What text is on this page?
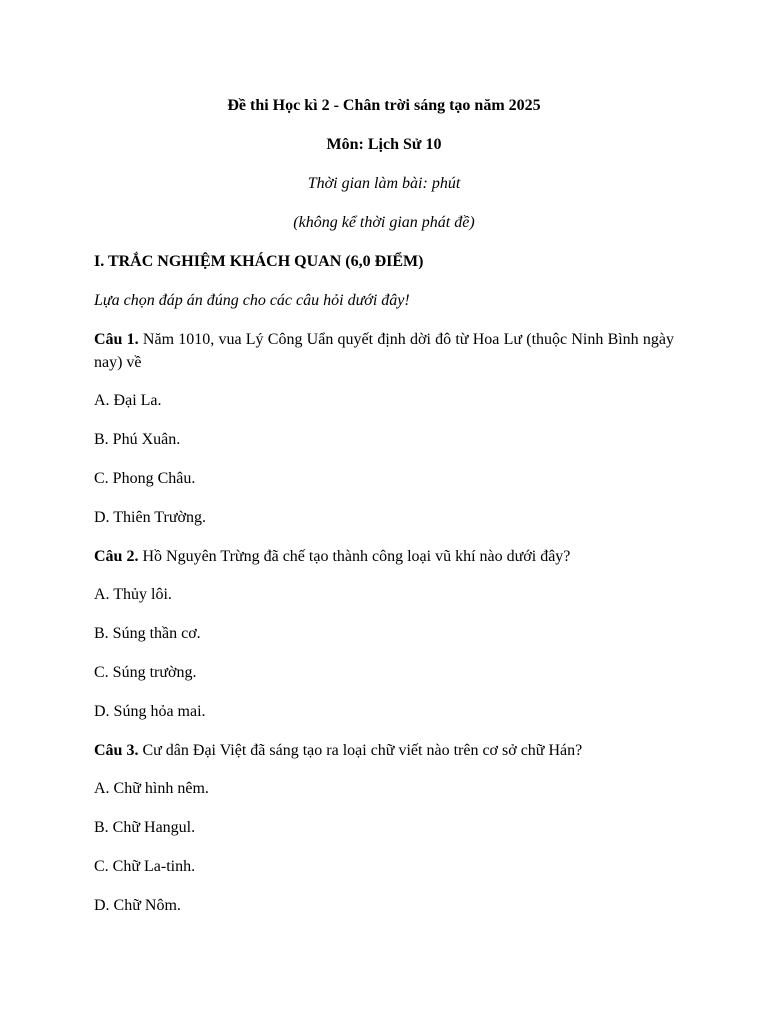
Đề thi Học kì 2 - Chân trời sáng tạo năm 2025
Môn: Lịch Sử 10
Thời gian làm bài: phút
(không kể thời gian phát đề)
I. TRẮC NGHIỆM KHÁCH QUAN (6,0 ĐIỂM)
Lựa chọn đáp án đúng cho các câu hỏi dưới đây!
Câu 1. Năm 1010, vua Lý Công Uẩn quyết định dời đô từ Hoa Lư (thuộc Ninh Bình ngày nay) về
A. Đại La.
B. Phú Xuân.
C. Phong Châu.
D. Thiên Trường.
Câu 2. Hồ Nguyên Trừng đã chế tạo thành công loại vũ khí nào dưới đây?
A. Thủy lôi.
B. Súng thần cơ.
C. Súng trường.
D. Súng hỏa mai.
Câu 3. Cư dân Đại Việt đã sáng tạo ra loại chữ viết nào trên cơ sở chữ Hán?
A. Chữ hình nêm.
B. Chữ Hangul.
C. Chữ La-tinh.
D. Chữ Nôm.
